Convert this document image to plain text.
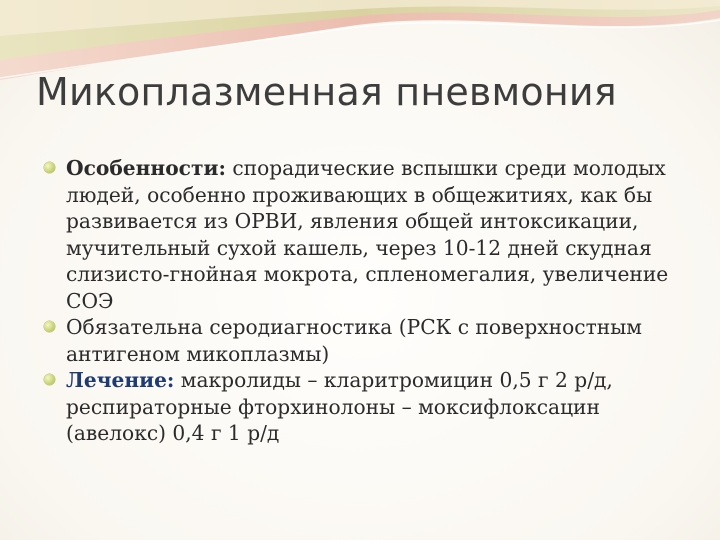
Микоплазменная пневмония
Особенности: спорадические вспышки среди молодых людей, особенно проживающих в общежитиях, как бы развивается из ОРВИ, явления общей интоксикации, мучительный сухой кашель, через 10-12 дней скудная слизисто-гнойная мокрота, спленомегалия, увеличение СОЭ
Обязательна серодиагностика (РСК с поверхностным антигеном микоплазмы)
Лечение: макролиды – кларитромицин 0,5 г 2 р/д, респираторные фторхинолоны – моксифлоксацин (авелокс) 0,4 г 1 р/д
